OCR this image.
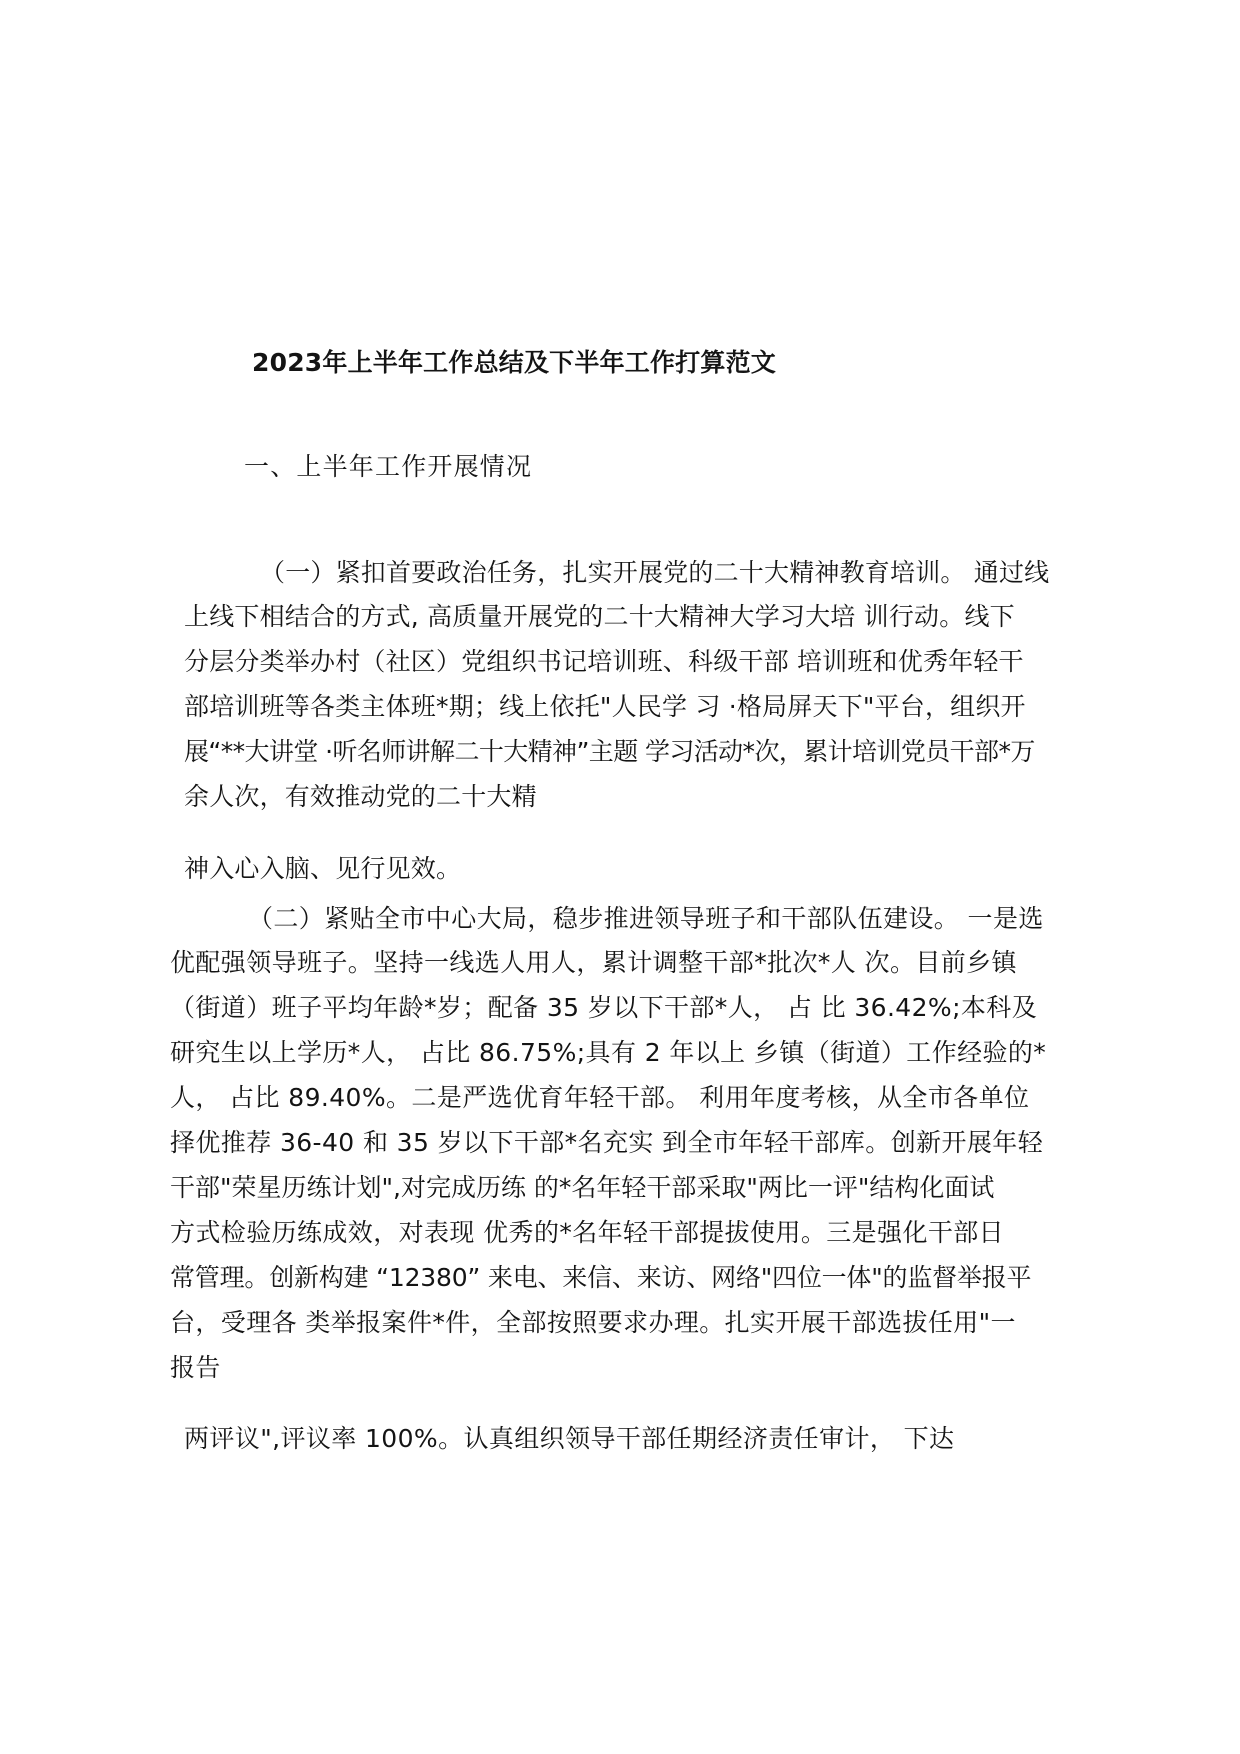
2023年上半年工作总结及下半年工作打算范文
一、上半年工作开展情况
（一）紧扣首要政治任务，扎实开展党的二十大精神教育培训。 通过线
上线下相结合的方式, 高质量开展党的二十大精神大学习大培 训行动。线下
分层分类举办村（社区）党组织书记培训班、科级干部 培训班和优秀年轻干
部培训班等各类主体班*期；线上依托"人民学 习 ·格局屏天下"平台，组织开
展“**大讲堂 ·听名师讲解二十大精神”主题 学习活动*次，累计培训党员干部*万
余人次，有效推动党的二十大精
神入心入脑、见行见效。
（二）紧贴全市中心大局，稳步推进领导班子和干部队伍建设。 一是选
优配强领导班子。坚持一线选人用人，累计调整干部*批次*人 次。目前乡镇
（街道）班子平均年龄*岁；配备 35 岁以下干部*人， 占 比 36.42%;本科及
研究生以上学历*人， 占比 86.75%;具有 2 年以上 乡镇（街道）工作经验的*
人， 占比 89.40%。二是严选优育年轻干部。 利用年度考核，从全市各单位
择优推荐 36-40 和 35 岁以下干部*名充实 到全市年轻干部库。创新开展年轻
干部"荣星历练计划",对完成历练 的*名年轻干部采取"两比一评"结构化面试
方式检验历练成效，对表现 优秀的*名年轻干部提拔使用。三是强化干部日
常管理。创新构建 “12380” 来电、来信、来访、网络"四位一体"的监督举报平
台，受理各 类举报案件*件，全部按照要求办理。扎实开展干部选拔任用"一
报告
两评议",评议率 100%。认真组织领导干部任期经济责任审计， 下达
